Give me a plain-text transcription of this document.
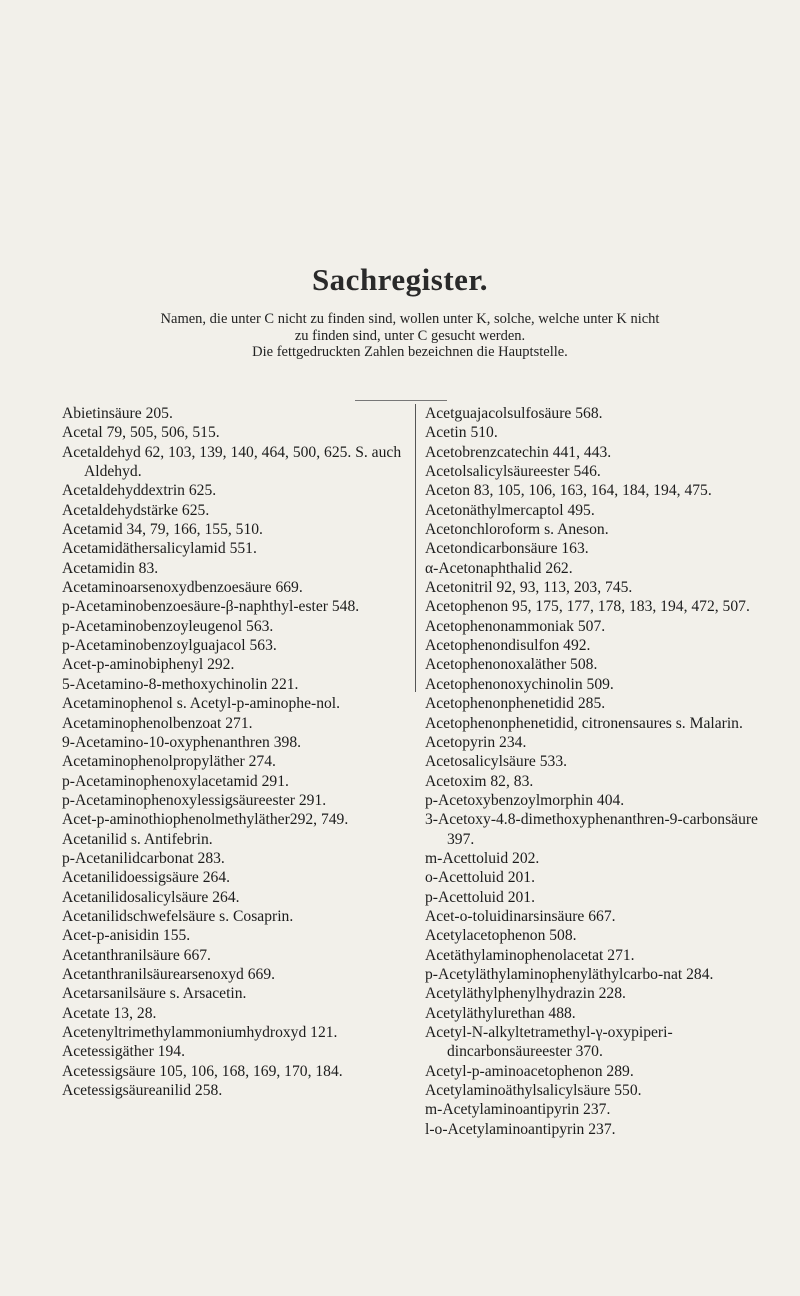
Sachregister.
Namen, die unter C nicht zu finden sind, wollen unter K, solche, welche unter K nicht
zu finden sind, unter C gesucht werden.
Die fettgedruckten Zahlen bezeichnen die Hauptstelle.

Abietinsäure 205.

Acetal 79, 505, 506, 515.

Acetaldehyd 62, 103, 139, 140, 464, 500, 625. S. auch Aldehyd.

Acetaldehyddextrin 625.

Acetaldehydstärke 625.

Acetamid 34, 79, 166, 155, 510.

Acetamidäthersalicylamid 551.

Acetamidin 83.

Acetaminoarsenoxydbenzoesäure 669.

p-Acetaminobenzoesäure-β-naphthyl-ester 548.

p-Acetaminobenzoyleugenol 563.

p-Acetaminobenzoylguajacol 563.

Acet-p-aminobiphenyl 292.

5-Acetamino-8-methoxychinolin 221.

Acetaminophenol s. Acetyl-p-aminophe-nol.

Acetaminophenolbenzoat 271.

9-Acetamino-10-oxyphenanthren 398.

Acetaminophenolpropyläther 274.

p-Acetaminophenoxylacetamid 291.

p-Acetaminophenoxylessigsäureester 291.

Acet-p-aminothiophenolmethyläther292, 749.

Acetanilid s. Antifebrin.

p-Acetanilidcarbonat 283.

Acetanilidoessigsäure 264.

Acetanilidosalicylsäure 264.

Acetanilidschwefelsäure s. Cosaprin.

Acet-p-anisidin 155.

Acetanthranilsäure 667.

Acetanthranilsäurearsenoxyd 669.

Acetarsanilsäure s. Arsacetin.

Acetate 13, 28.

Acetenyltrimethylammoniumhydroxyd 121.

Acetessigäther 194.

Acetessigsäure 105, 106, 168, 169, 170, 184.

Acetessigsäureanilid 258.

Acetguajacolsulfosäure 568.

Acetin 510.

Acetobrenzcatechin 441, 443.

Acetolsalicylsäureester 546.

Aceton 83, 105, 106, 163, 164, 184, 194, 475.

Acetonäthylmercaptol 495.

Acetonchloroform s. Aneson.

Acetondicarbonsäure 163.

α-Acetonaphthalid 262.

Acetonitril 92, 93, 113, 203, 745.

Acetophenon 95, 175, 177, 178, 183, 194, 472, 507.

Acetophenonammoniak 507.

Acetophenondisulfon 492.

Acetophenonoxaläther 508.

Acetophenonoxychinolin 509.

Acetophenonphenetidid 285.

Acetophenonphenetidid, citronensaures s. Malarin.

Acetopyrin 234.

Acetosalicylsäure 533.

Acetoxim 82, 83.

p-Acetoxybenzoylmorphin 404.

3-Acetoxy-4.8-dimethoxyphenanthren-9-carbonsäure 397.

m-Acettoluid 202.

o-Acettoluid 201.

p-Acettoluid 201.

Acet-o-toluidinarsinsäure 667.

Acetylacetophenon 508.

Acetäthylaminophenolacetat 271.

p-Acetyläthylaminophenyläthylcarbo-nat 284.

Acetyläthylphenylhydrazin 228.

Acetyläthylurethan 488.

Acetyl-N-alkyltetramethyl-γ-oxypiperi-dincarbonsäureester 370.

Acetyl-p-aminoacetophenon 289.

Acetylaminoäthylsalicylsäure 550.

m-Acetylaminoantipyrin 237.

l-o-Acetylaminoantipyrin 237.
